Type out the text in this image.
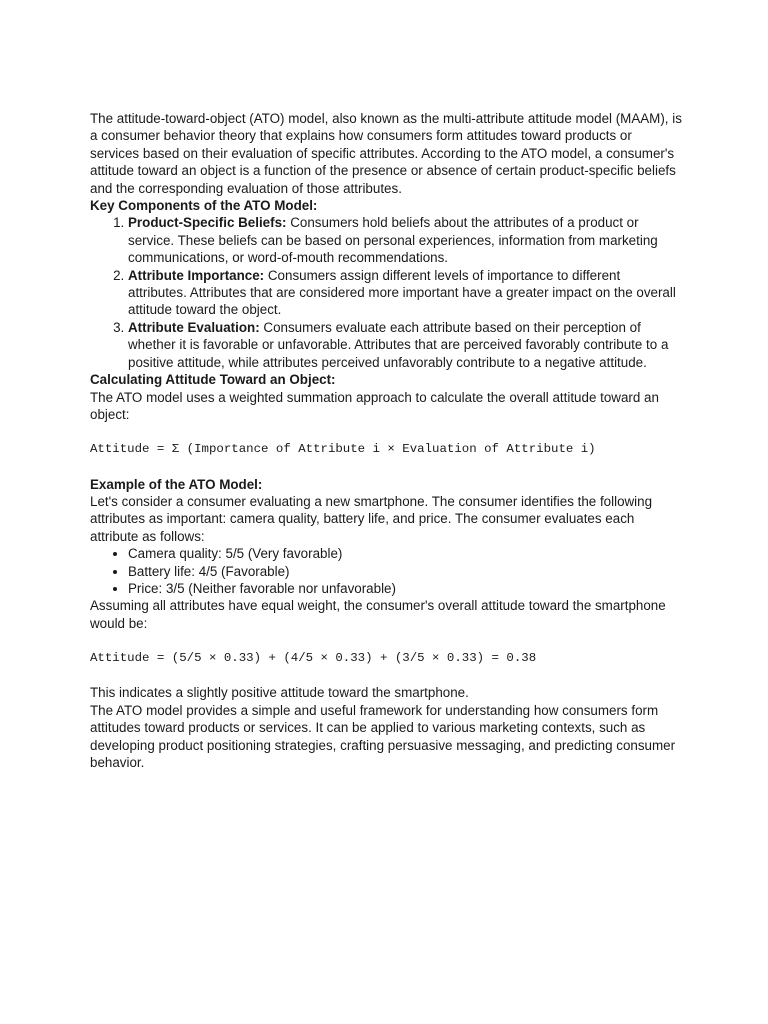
The attitude-toward-object (ATO) model, also known as the multi-attribute attitude model (MAAM), is a consumer behavior theory that explains how consumers form attitudes toward products or services based on their evaluation of specific attributes. According to the ATO model, a consumer's attitude toward an object is a function of the presence or absence of certain product-specific beliefs and the corresponding evaluation of those attributes.

Key Components of the ATO Model:

1. Product-Specific Beliefs: Consumers hold beliefs about the attributes of a product or service. These beliefs can be based on personal experiences, information from marketing communications, or word-of-mouth recommendations.
2. Attribute Importance: Consumers assign different levels of importance to different attributes. Attributes that are considered more important have a greater impact on the overall attitude toward the object.
3. Attribute Evaluation: Consumers evaluate each attribute based on their perception of whether it is favorable or unfavorable. Attributes that are perceived favorably contribute to a positive attitude, while attributes perceived unfavorably contribute to a negative attitude.

Calculating Attitude Toward an Object:

The ATO model uses a weighted summation approach to calculate the overall attitude toward an object:

Attitude = Σ (Importance of Attribute i × Evaluation of Attribute i)

Example of the ATO Model:

Let's consider a consumer evaluating a new smartphone. The consumer identifies the following attributes as important: camera quality, battery life, and price. The consumer evaluates each attribute as follows:

• Camera quality: 5/5 (Very favorable)
• Battery life: 4/5 (Favorable)
• Price: 3/5 (Neither favorable nor unfavorable)

Assuming all attributes have equal weight, the consumer's overall attitude toward the smartphone would be:

Attitude = (5/5 × 0.33) + (4/5 × 0.33) + (3/5 × 0.33) = 0.38

This indicates a slightly positive attitude toward the smartphone.

The ATO model provides a simple and useful framework for understanding how consumers form attitudes toward products or services. It can be applied to various marketing contexts, such as developing product positioning strategies, crafting persuasive messaging, and predicting consumer behavior.
